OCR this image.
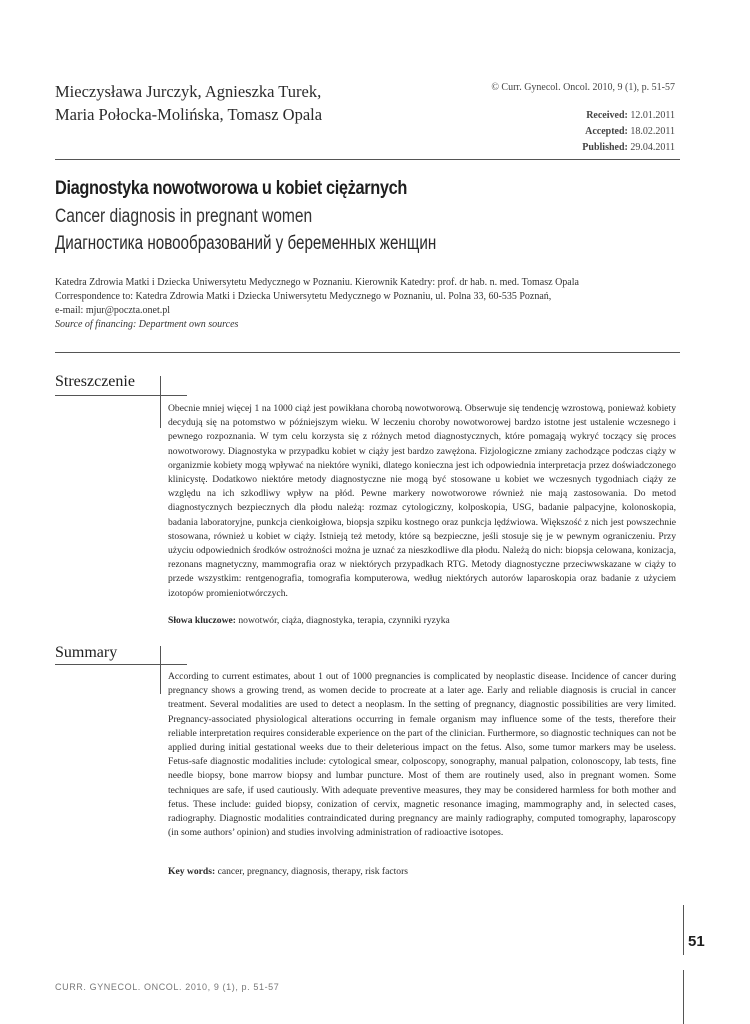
Mieczysława Jurczyk, Agnieszka Turek,
Maria Połocka-Molińska, Tomasz Opala
© Curr. Gynecol. Oncol. 2010, 9 (1), p. 51-57
Received: 12.01.2011
Accepted: 18.02.2011
Published: 29.04.2011
Diagnostyka nowotworowa u kobiet ciężarnych
Cancer diagnosis in pregnant women
Диагностика новообразований у беременных женщин
Katedra Zdrowia Matki i Dziecka Uniwersytetu Medycznego w Poznaniu. Kierownik Katedry: prof. dr hab. n. med. Tomasz Opala
Correspondence to: Katedra Zdrowia Matki i Dziecka Uniwersytetu Medycznego w Poznaniu, ul. Polna 33, 60-535 Poznań,
e-mail: mjur@poczta.onet.pl
Source of financing: Department own sources
Streszczenie
Obecnie mniej więcej 1 na 1000 ciąż jest powikłana chorobą nowotworową. Obserwuje się tendencję wzrostową, ponieważ kobiety decydują się na potomstwo w późniejszym wieku. W leczeniu choroby nowotworowej bardzo istotne jest ustalenie wczesnego i pewnego rozpoznania. W tym celu korzysta się z różnych metod diagnostycznych, które pomagają wykryć toczący się proces nowotworowy. Diagnostyka w przypadku kobiet w ciąży jest bardzo zawężona. Fizjologiczne zmiany zachodzące podczas ciąży w organizmie kobiety mogą wpływać na niektóre wyniki, dlatego konieczna jest ich odpowiednia interpretacja przez doświadczonego klinicystę. Dodatkowo niektóre metody diagnostyczne nie mogą być stosowane u kobiet we wczesnych tygodniach ciąży ze względu na ich szkodliwy wpływ na płód. Pewne markery nowotworowe również nie mają zastosowania. Do metod diagnostycznych bezpiecznych dla płodu należą: rozmaz cytologiczny, kolposkopia, USG, badanie palpacyjne, kolonoskopia, badania laboratoryjne, punkcja cienkoigłowa, biopsja szpiku kostnego oraz punkcja lędźwiowa. Większość z nich jest powszechnie stosowana, również u kobiet w ciąży. Istnieją też metody, które są bezpieczne, jeśli stosuje się je w pewnym ograniczeniu. Przy użyciu odpowiednich środków ostrożności można je uznać za nieszkodliwe dla płodu. Należą do nich: biopsja celowana, konizacja, rezonans magnetyczny, mammografia oraz w niektórych przypadkach RTG. Metody diagnostyczne przeciwwskazane w ciąży to przede wszystkim: rentgenografia, tomografia komputerowa, według niektórych autorów laparoskopia oraz badanie z użyciem izotopów promieniotwórczych.
Słowa kluczowe: nowotwór, ciąża, diagnostyka, terapia, czynniki ryzyka
Summary
According to current estimates, about 1 out of 1000 pregnancies is complicated by neoplastic disease. Incidence of cancer during pregnancy shows a growing trend, as women decide to procreate at a later age. Early and reliable diagnosis is crucial in cancer treatment. Several modalities are used to detect a neoplasm. In the setting of pregnancy, diagnostic possibilities are very limited. Pregnancy-associated physiological alterations occurring in female organism may influence some of the tests, therefore their reliable interpretation requires considerable experience on the part of the clinician. Furthermore, so diagnostic techniques can not be applied during initial gestational weeks due to their deleterious impact on the fetus. Also, some tumor markers may be useless. Fetus-safe diagnostic modalities include: cytological smear, colposcopy, sonography, manual palpation, colonoscopy, lab tests, fine needle biopsy, bone marrow biopsy and lumbar puncture. Most of them are routinely used, also in pregnant women. Some techniques are safe, if used cautiously. With adequate preventive measures, they may be considered harmless for both mother and fetus. These include: guided biopsy, conization of cervix, magnetic resonance imaging, mammography and, in selected cases, radiography. Diagnostic modalities contraindicated during pregnancy are mainly radiography, computed tomography, laparoscopy (in some authors’ opinion) and studies involving administration of radioactive isotopes.
Key words: cancer, pregnancy, diagnosis, therapy, risk factors
51
CURR. GYNECOL. ONCOL. 2010, 9 (1), p. 51-57
